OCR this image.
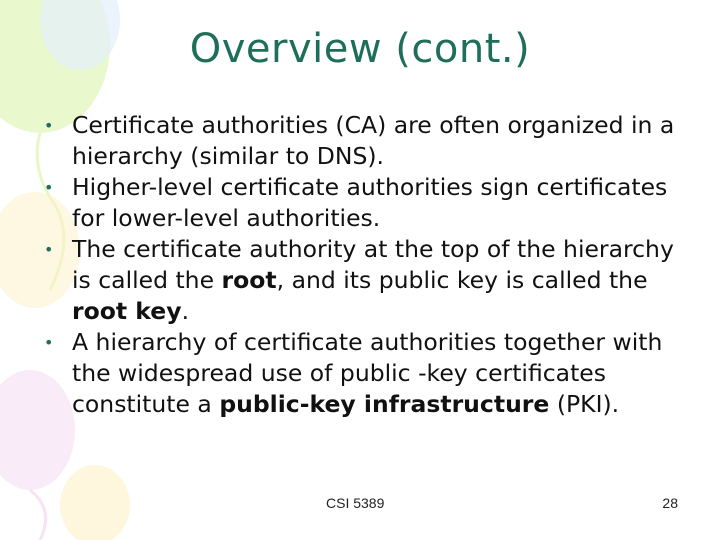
Overview (cont.)
• Certificate authorities (CA) are often organized in a hierarchy (similar to DNS).
• Higher-level certificate authorities sign certificates for lower-level authorities.
• The certificate authority at the top of the hierarchy is called the root, and its public key is called the root key.
• A hierarchy of certificate authorities together with the widespread use of public -key certificates constitute a public-key infrastructure (PKI).
CSI 5389	28
